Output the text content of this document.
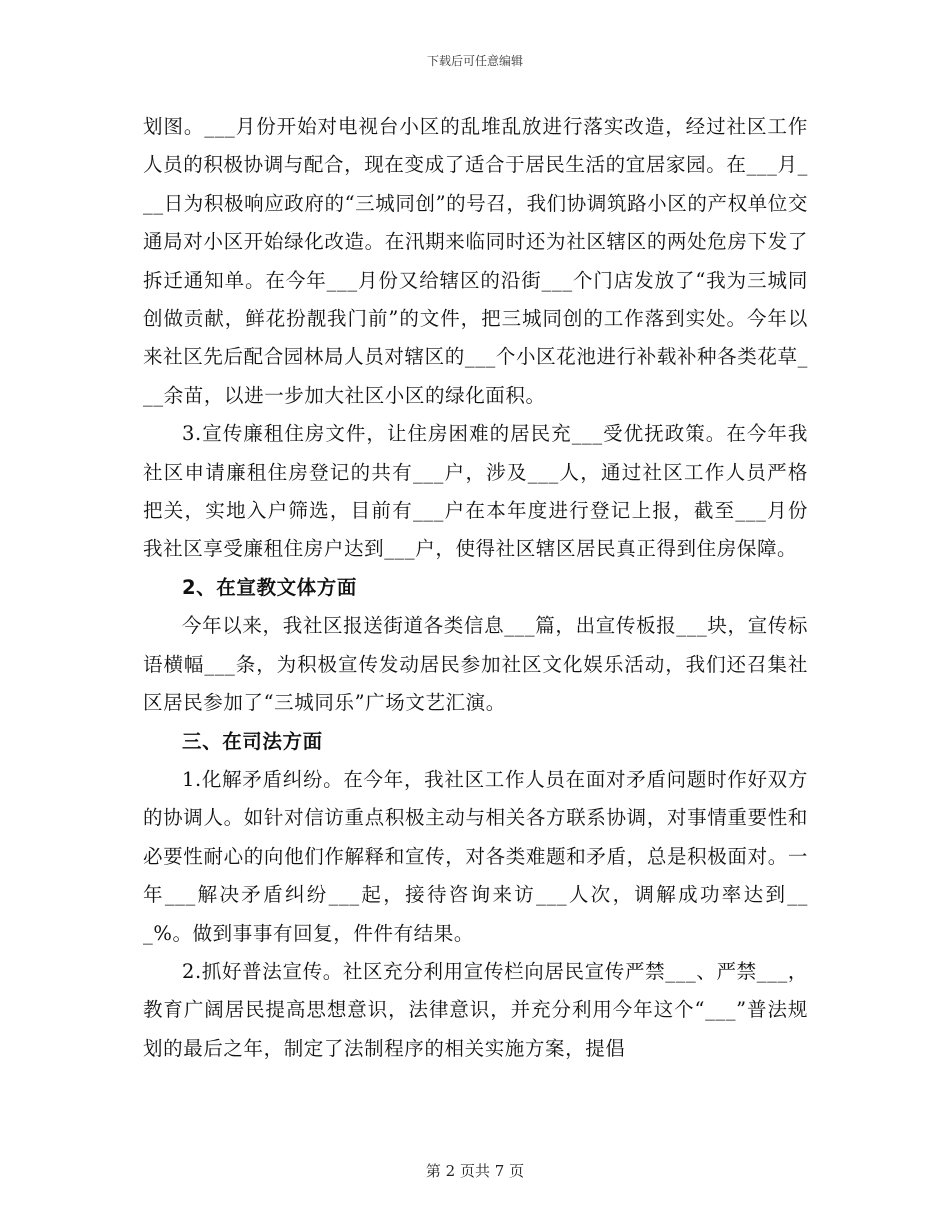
下载后可任意编辑

划图。___月份开始对电视台小区的乱堆乱放进行落实改造，经过社区工作人员的积极协调与配合，现在变成了适合于居民生活的宜居家园。在___月___日为积极响应政府的“三城同创”的号召，我们协调筑路小区的产权单位交通局对小区开始绿化改造。在汛期来临同时还为社区辖区的两处危房下发了拆迁通知单。在今年___月份又给辖区的沿街___个门店发放了“我为三城同创做贡献，鲜花扮靓我门前”的文件，把三城同创的工作落到实处。今年以来社区先后配合园林局人员对辖区的___个小区花池进行补载补种各类花草___余苗，以进一步加大社区小区的绿化面积。

3.宣传廉租住房文件，让住房困难的居民充___受优抚政策。在今年我社区申请廉租住房登记的共有___户，涉及___人，通过社区工作人员严格把关，实地入户筛选，目前有___户在本年度进行登记上报，截至___月份我社区享受廉租住房户达到___户，使得社区辖区居民真正得到住房保障。

2、在宣教文体方面

今年以来，我社区报送街道各类信息___篇，出宣传板报___块，宣传标语横幅___条，为积极宣传发动居民参加社区文化娱乐活动，我们还召集社区居民参加了“三城同乐”广场文艺汇演。

三、在司法方面

1.化解矛盾纠纷。在今年，我社区工作人员在面对矛盾问题时作好双方的协调人。如针对信访重点积极主动与相关各方联系协调，对事情重要性和必要性耐心的向他们作解释和宣传，对各类难题和矛盾，总是积极面对。一年___解决矛盾纠纷___起，接待咨询来访___人次，调解成功率达到___%。做到事事有回复，件件有结果。

2.抓好普法宣传。社区充分利用宣传栏向居民宣传严禁___、严禁___，教育广阔居民提高思想意识，法律意识，并充分利用今年这个“___”普法规划的最后之年，制定了法制程序的相关实施方案，提倡

第 2 页共 7 页
